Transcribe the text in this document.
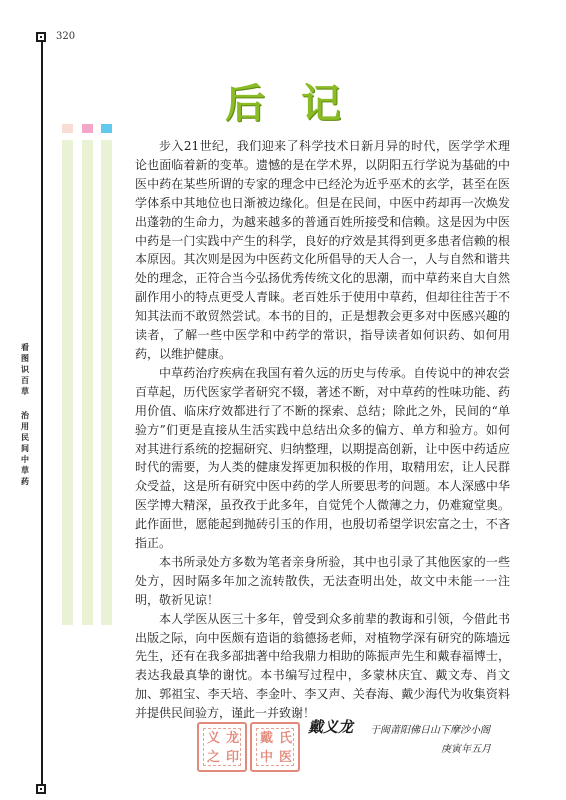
320
看图识百草
治用民间中草药
后记

步入21世纪，我们迎来了科学技术日新月异的时代，医学学术理论也面临着新的变革。遗憾的是在学术界，以阴阳五行学说为基础的中医中药在某些所谓的专家的理念中已经沦为近乎巫术的玄学，甚至在医学体系中其地位也日渐被边缘化。但是在民间，中医中药却再一次焕发出蓬勃的生命力，为越来越多的普通百姓所接受和信赖。这是因为中医中药是一门实践中产生的科学，良好的疗效是其得到更多患者信赖的根本原因。其次则是因为中医药文化所倡导的天人合一，人与自然和谐共处的理念，正符合当今弘扬优秀传统文化的思潮，而中草药来自大自然副作用小的特点更受人青睐。老百姓乐于使用中草药，但却往往苦于不知其法而不敢贸然尝试。本书的目的，正是想教会更多对中医感兴趣的读者，了解一些中医学和中药学的常识，指导读者如何识药、如何用药，以维护健康。

中草药治疗疾病在我国有着久远的历史与传承。自传说中的神农尝百草起，历代医家学者研究不辍，著述不断，对中草药的性味功能、药用价值、临床疗效都进行了不断的探索、总结；除此之外，民间的“单验方”们更是直接从生活实践中总结出众多的偏方、单方和验方。如何对其进行系统的挖掘研究、归纳整理，以期提高创新，让中医中药适应时代的需要，为人类的健康发挥更加积极的作用，取精用宏，让人民群众受益，这是所有研究中医中药的学人所要思考的问题。本人深感中华医学博大精深，虽孜孜于此多年，自觉凭个人微薄之力，仍难窥堂奥。此作面世，愿能起到抛砖引玉的作用，也殷切希望学识宏富之士，不吝指正。

本书所录处方多数为笔者亲身所验，其中也引录了其他医家的一些处方，因时隔多年加之流转散佚，无法查明出处，故文中未能一一注明，敬祈见谅！

本人学医从医三十多年，曾受到众多前辈的教诲和引领，今借此书出版之际，向中医颇有造诣的翁德扬老师，对植物学深有研究的陈墙远先生，还有在我多部拙著中给我鼎力相助的陈振声先生和戴春福博士，表达我最真挚的谢忱。本书编写过程中，多蒙林庆宜、戴文寿、肖文加、郭祖宝、李天培、李金叶、李又声、关春海、戴少海代为收集资料并提供民间验方，谨此一并致谢！

义 龙
之 印
戴 氏
中 医
戴义龙 于闽莆阳佛日山下摩沙小阁
庚寅年五月
